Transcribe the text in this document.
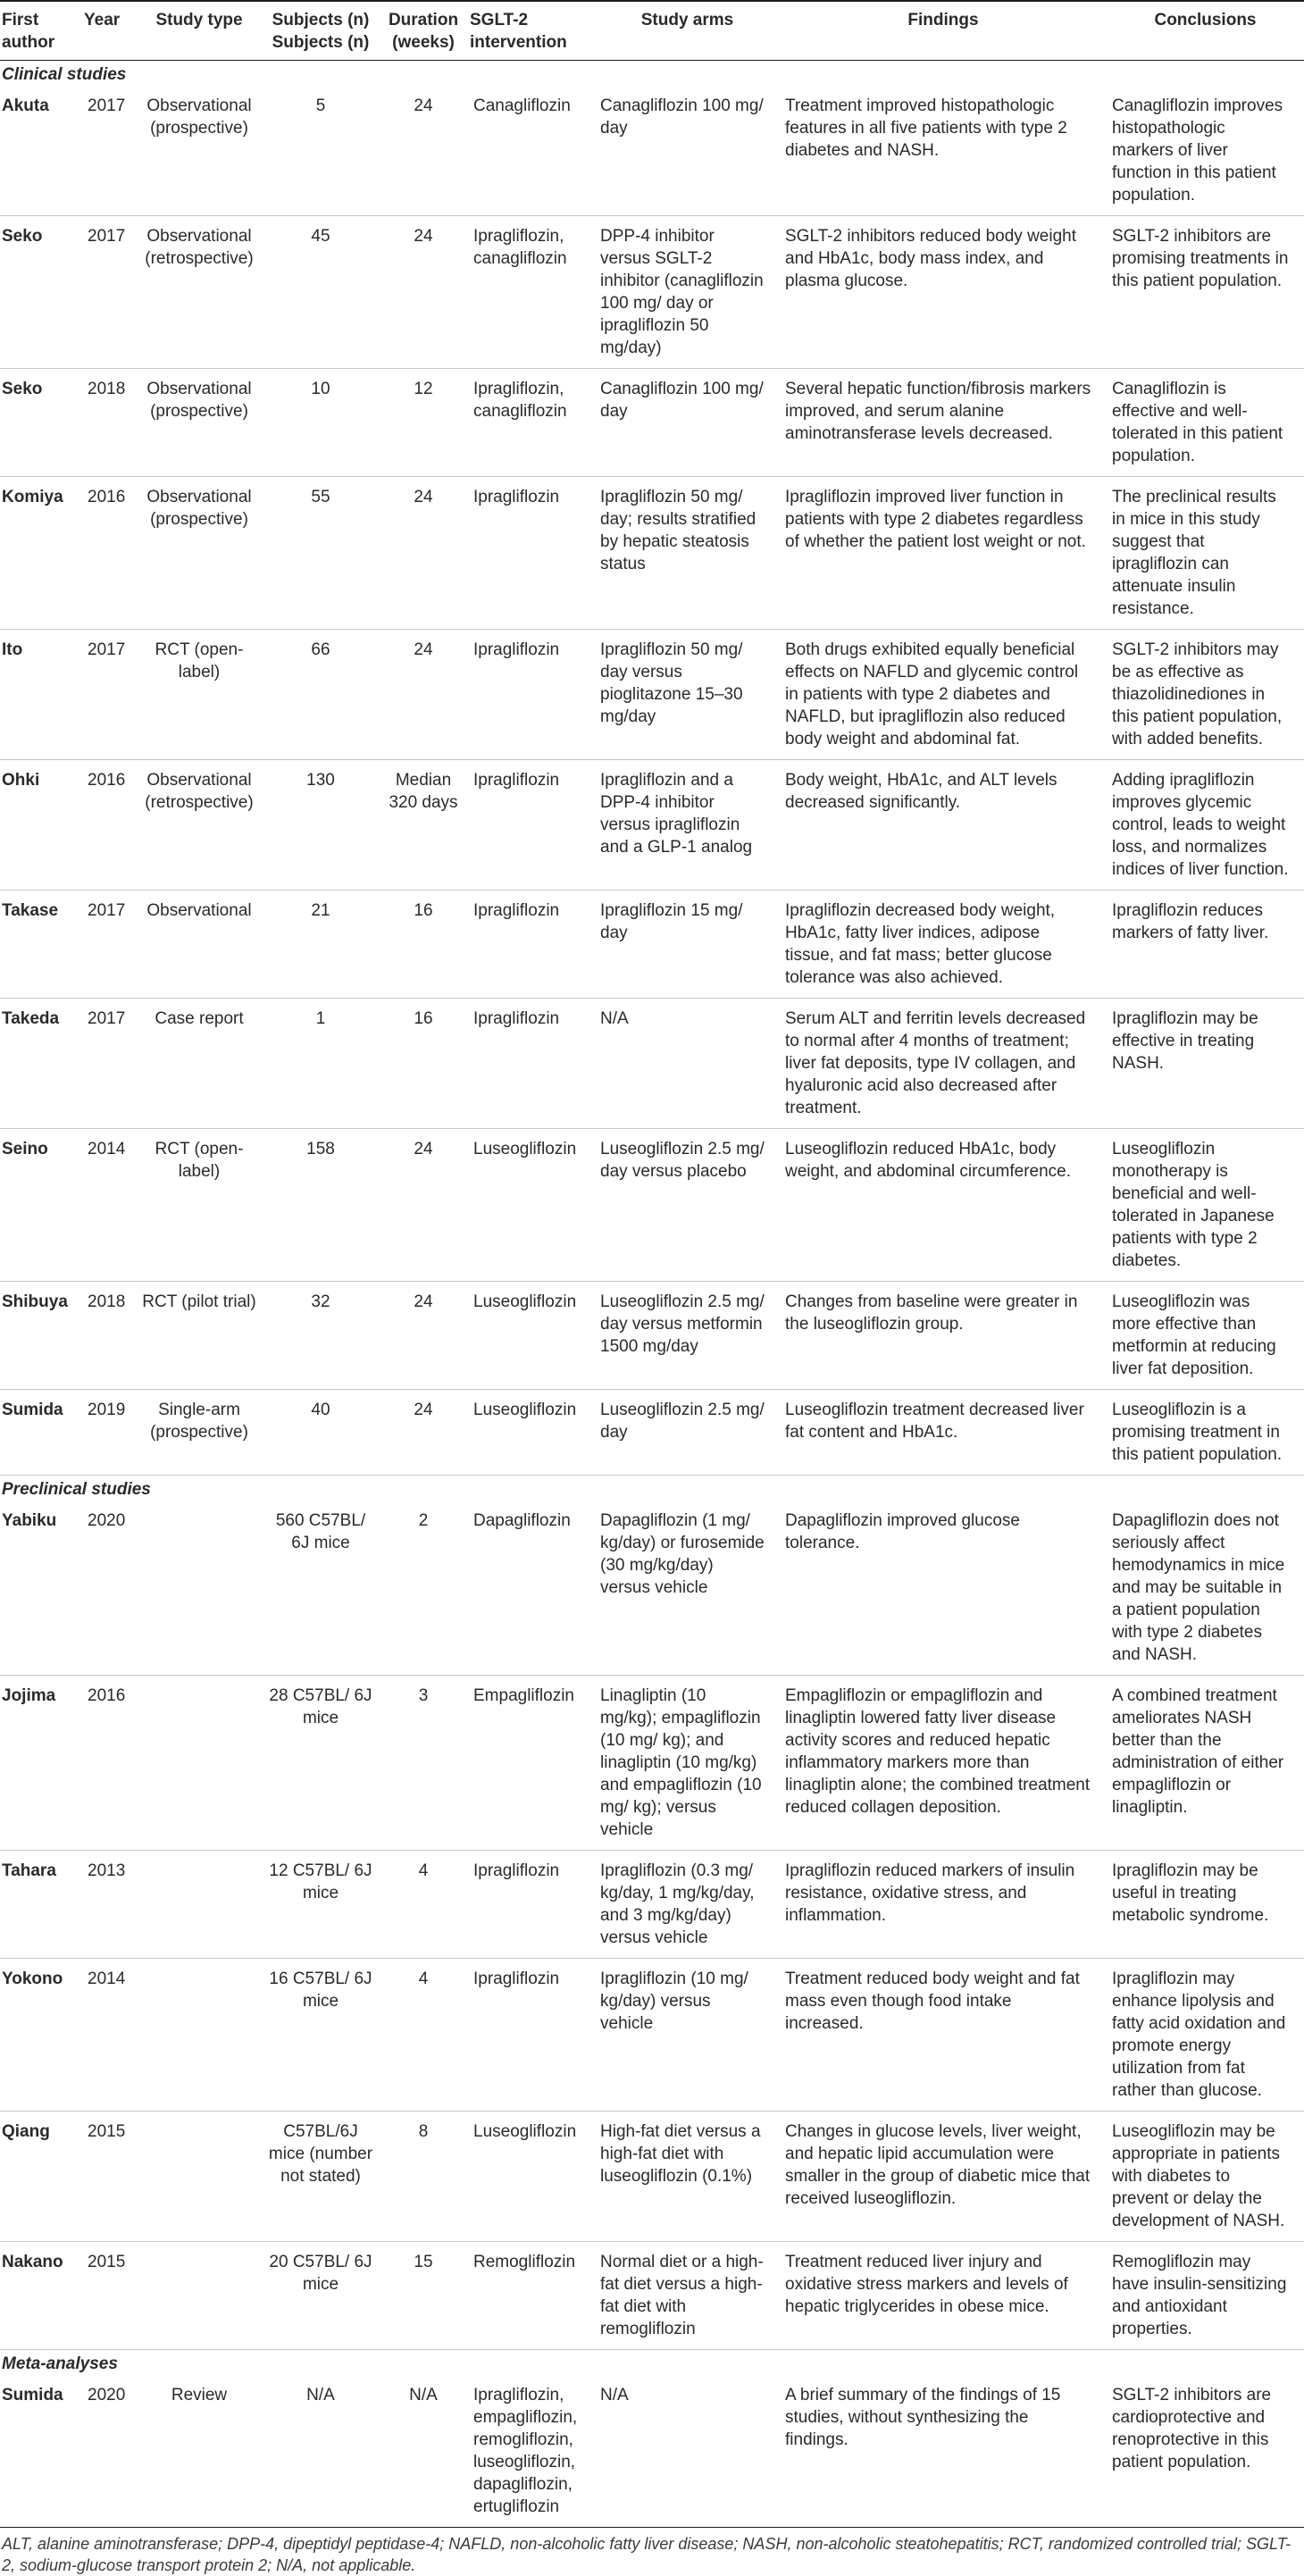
First author	Year	Study type	Subjects (n) Subjects (n)	Duration (weeks)	SGLT-2 intervention	Study arms	Findings	Conclusions
Clinical studies								
Akuta	2017	Observational (prospective)	5	24	Canagliflozin	Canagliflozin 100 mg/ day	Treatment improved histopathologic features in all five patients with type 2 diabetes and NASH.	Canagliflozin improves histopathologic markers of liver function in this patient population.
Seko	2017	Observational (retrospective)	45	24	Ipragliflozin, canagliflozin	DPP-4 inhibitor versus SGLT-2 inhibitor (canagliflozin 100 mg/ day or ipragliflozin 50 mg/day)	SGLT-2 inhibitors reduced body weight and HbA1c, body mass index, and plasma glucose.	SGLT-2 inhibitors are promising treatments in this patient population.
Seko	2018	Observational (prospective)	10	12	Ipragliflozin, canagliflozin	Canagliflozin 100 mg/ day	Several hepatic function/fibrosis markers improved, and serum alanine aminotransferase levels decreased.	Canagliflozin is effective and well-tolerated in this patient population.
Komiya	2016	Observational (prospective)	55	24	Ipragliflozin	Ipragliflozin 50 mg/ day; results stratified by hepatic steatosis status	Ipragliflozin improved liver function in patients with type 2 diabetes regardless of whether the patient lost weight or not.	The preclinical results in mice in this study suggest that ipragliflozin can attenuate insulin resistance.
Ito	2017	RCT (open-label)	66	24	Ipragliflozin	Ipragliflozin 50 mg/ day versus pioglitazone 15–30 mg/day	Both drugs exhibited equally beneficial effects on NAFLD and glycemic control in patients with type 2 diabetes and NAFLD, but ipragliflozin also reduced body weight and abdominal fat.	SGLT-2 inhibitors may be as effective as thiazolidinediones in this patient population, with added benefits.
Ohki	2016	Observational (retrospective)	130	Median 320 days	Ipragliflozin	Ipragliflozin and a DPP-4 inhibitor versus ipragliflozin and a GLP-1 analog	Body weight, HbA1c, and ALT levels decreased significantly.	Adding ipragliflozin improves glycemic control, leads to weight loss, and normalizes indices of liver function.
Takase	2017	Observational	21	16	Ipragliflozin	Ipragliflozin 15 mg/ day	Ipragliflozin decreased body weight, HbA1c, fatty liver indices, adipose tissue, and fat mass; better glucose tolerance was also achieved.	Ipragliflozin reduces markers of fatty liver.
Takeda	2017	Case report	1	16	Ipragliflozin	N/A	Serum ALT and ferritin levels decreased to normal after 4 months of treatment; liver fat deposits, type IV collagen, and hyaluronic acid also decreased after treatment.	Ipragliflozin may be effective in treating NASH.
Seino	2014	RCT (open-label)	158	24	Luseogliflozin	Luseogliflozin 2.5 mg/ day versus placebo	Luseogliflozin reduced HbA1c, body weight, and abdominal circumference.	Luseogliflozin monotherapy is beneficial and well-tolerated in Japanese patients with type 2 diabetes.
Shibuya	2018	RCT (pilot trial)	32	24	Luseogliflozin	Luseogliflozin 2.5 mg/ day versus metformin 1500 mg/day	Changes from baseline were greater in the luseogliflozin group.	Luseogliflozin was more effective than metformin at reducing liver fat deposition.
Sumida	2019	Single-arm (prospective)	40	24	Luseogliflozin	Luseogliflozin 2.5 mg/ day	Luseogliflozin treatment decreased liver fat content and HbA1c.	Luseogliflozin is a promising treatment in this patient population.
Preclinical studies								
Yabiku	2020		560 C57BL/ 6J mice	2	Dapagliflozin	Dapagliflozin (1 mg/ kg/day) or furosemide (30 mg/kg/day) versus vehicle	Dapagliflozin improved glucose tolerance.	Dapagliflozin does not seriously affect hemodynamics in mice and may be suitable in a patient population with type 2 diabetes and NASH.
Jojima	2016		28 C57BL/ 6J mice	3	Empagliflozin	Linagliptin (10 mg/kg); empagliflozin (10 mg/ kg); and linagliptin (10 mg/kg) and empagliflozin (10 mg/ kg); versus vehicle	Empagliflozin or empagliflozin and linagliptin lowered fatty liver disease activity scores and reduced hepatic inflammatory markers more than linagliptin alone; the combined treatment reduced collagen deposition.	A combined treatment ameliorates NASH better than the administration of either empagliflozin or linagliptin.
Tahara	2013		12 C57BL/ 6J mice	4	Ipragliflozin	Ipragliflozin (0.3 mg/ kg/day, 1 mg/kg/day, and 3 mg/kg/day) versus vehicle	Ipragliflozin reduced markers of insulin resistance, oxidative stress, and inflammation.	Ipragliflozin may be useful in treating metabolic syndrome.
Yokono	2014		16 C57BL/ 6J mice	4	Ipragliflozin	Ipragliflozin (10 mg/ kg/day) versus vehicle	Treatment reduced body weight and fat mass even though food intake increased.	Ipragliflozin may enhance lipolysis and fatty acid oxidation and promote energy utilization from fat rather than glucose.
Qiang	2015		C57BL/6J mice (number not stated)	8	Luseogliflozin	High-fat diet versus a high-fat diet with luseogliflozin (0.1%)	Changes in glucose levels, liver weight, and hepatic lipid accumulation were smaller in the group of diabetic mice that received luseogliflozin.	Luseogliflozin may be appropriate in patients with diabetes to prevent or delay the development of NASH.
Nakano	2015		20 C57BL/ 6J mice	15	Remogliflozin	Normal diet or a high-fat diet versus a high-fat diet with remogliflozin	Treatment reduced liver injury and oxidative stress markers and levels of hepatic triglycerides in obese mice.	Remogliflozin may have insulin-sensitizing and antioxidant properties.
Meta-analyses								
Sumida	2020	Review	N/A	N/A	Ipragliflozin, empagliflozin, remogliflozin, luseogliflozin, dapagliflozin, ertugliflozin	N/A	A brief summary of the findings of 15 studies, without synthesizing the findings.	SGLT-2 inhibitors are cardioprotective and renoprotective in this patient population.
ALT, alanine aminotransferase; DPP-4, dipeptidyl peptidase-4; NAFLD, non-alcoholic fatty liver disease; NASH, non-alcoholic steatohepatitis; RCT, randomized controlled trial; SGLT-2, sodium-glucose transport protein 2; N/A, not applicable.
